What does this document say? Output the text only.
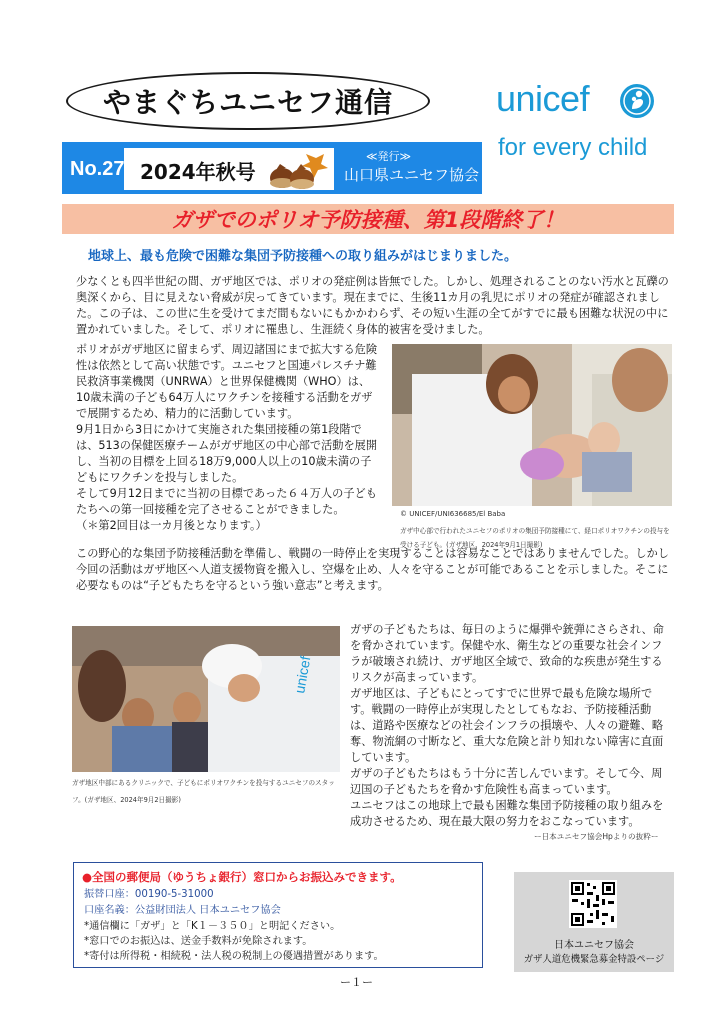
やまぐちユニセフ通信	unicef
for every child
No.27 2024年秋号
≪発行≫
山口県ユニセフ協会
ガザでのポリオ予防接種、第1段階終了！
地球上、最も危険で困難な集団予防接種への取り組みがはじまりました。
少なくとも四半世紀の間、ガザ地区では、ポリオの発症例は皆無でした。しかし、処理されることのない汚水と瓦礫の奥深くから、目に見えない脅威が戻ってきています。現在までに、生後11カ月の乳児にポリオの発症が確認されました。この子は、この世に生を受けてまだ間もないにもかかわらず、その短い生涯の全てがすでに最も困難な状況の中に置かれていました。そして、ポリオに罹患し、生涯続く身体的被害を受けました。
ポリオがガザ地区に留まらず、周辺諸国にまで拡大する危険性は依然として高い状態です。ユニセフと国連パレスチナ難民救済事業機関（UNRWA）と世界保健機関（WHO）は、10歳未満の子ども64万人にワクチンを接種する活動をガザで展開するため、精力的に活動しています。
9月1日から3日にかけて実施された集団接種の第1段階では、513の保健医療チームがガザ地区の中心部で活動を展開し、当初の目標を上回る18万9,000人以上の10歳未満の子どもにワクチンを投与しました。
そして9月12日までに当初の目標であった６４万人の子どもたちへの第一回接種を完了させることができました。
（＊第2回目は一カ月後となります。）
© UNICEF/UNI636685/El Baba
ガザ中心部で行われたユニセフのポリオの集団予防接種にて、経口ポリオワクチンの投与を受ける子ども。(ガザ地区、2024年9月1日撮影)
この野心的な集団予防接種活動を準備し、戦闘の一時停止を実現することは容易なことではありませんでした。しかし今回の活動はガザ地区へ人道支援物資を搬入し、空爆を止め、人々を守ることが可能であることを示しました。そこに必要なものは“子どもたちを守るという強い意志”と考えます。
unicef
ガザ地区中部にあるクリニックで、子どもにポリオワクチンを投与するユニセフのスタッフ。(ガザ地区、2024年9月2日撮影)
ガザの子どもたちは、毎日のように爆弾や銃弾にさらされ、命を脅かされています。保健や水、衛生などの重要な社会インフラが破壊され続け、ガザ地区全域で、致命的な疾患が発生するリスクが高まっています。
ガザ地区は、子どもにとってすでに世界で最も危険な場所です。戦闘の一時停止が実現したとしてもなお、予防接種活動は、道路や医療などの社会インフラの損壊や、人々の避難、略奪、物流網の寸断など、重大な危険と計り知れない障害に直面しています。
ガザの子どもたちはもう十分に苦しんでいます。そして今、周辺国の子どもたちを脅かす危険性も高まっています。
ユニセフはこの地球上で最も困難な集団予防接種の取り組みを成功させるため、現在最大限の努力をおこなっています。
ー日本ユニセフ協会Hpよりの抜粋ー
●全国の郵便局（ゆうちょ銀行）窓口からお振込みできます。
振替口座：00190-5-31000
口座名義：公益財団法人 日本ユニセフ協会
*通信欄に「ガザ」と「K１－３５０」と明記ください。
*窓口でのお振込は、送金手数料が免除されます。
*寄付は所得税・相続税・法人税の税制上の優遇措置があります。
日本ユニセフ協会
ガザ人道危機緊急募金特設ページ
ー１ー
